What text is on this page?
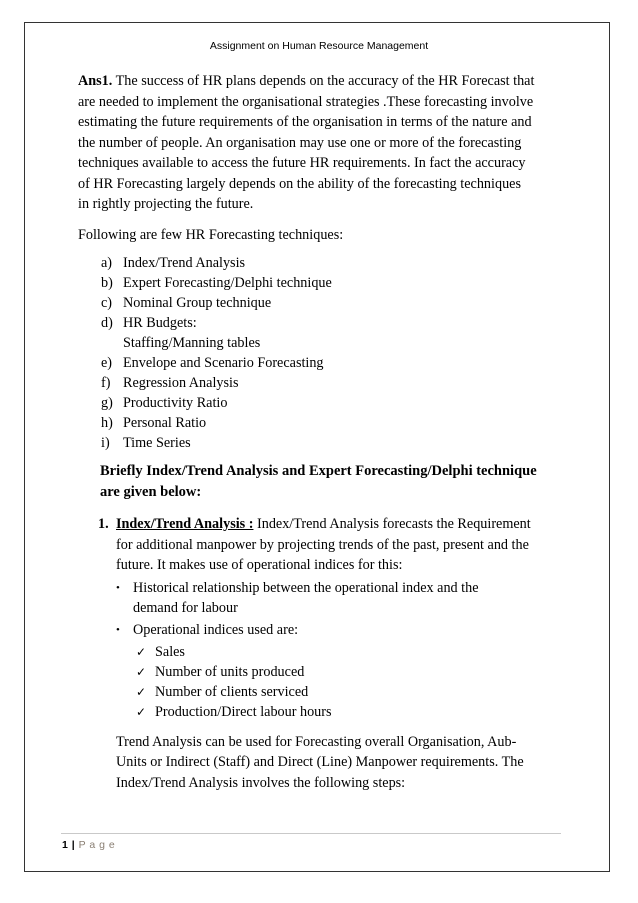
Assignment on Human Resource Management

Ans1. The success of HR plans depends on the accuracy of the HR Forecast that
are needed to implement the organisational strategies .These forecasting involve
estimating the future requirements of the organisation in terms of the nature and
the number of people. An organisation may use one or more of the forecasting
techniques available to access the future HR requirements. In fact the accuracy
of HR Forecasting largely depends on the ability of the forecasting techniques
in rightly projecting the future.

Following are few HR Forecasting techniques:

a) Index/Trend Analysis
b) Expert Forecasting/Delphi technique
c) Nominal Group technique
d) HR Budgets:
Staffing/Manning tables
e) Envelope and Scenario Forecasting
f) Regression Analysis
g) Productivity Ratio
h) Personal Ratio
i) Time Series

Briefly Index/Trend Analysis and Expert Forecasting/Delphi technique
are given below:

1. Index/Trend Analysis : Index/Trend Analysis forecasts the Requirement
for additional manpower by projecting trends of the past, present and the
future. It makes use of operational indices for this:
• Historical relationship between the operational index and the
demand for labour
• Operational indices used are:
✓ Sales
✓ Number of units produced
✓ Number of clients serviced
✓ Production/Direct labour hours

Trend Analysis can be used for Forecasting overall Organisation, Aub-
Units or Indirect (Staff) and Direct (Line) Manpower requirements. The
Index/Trend Analysis involves the following steps:

1 | P a g e
